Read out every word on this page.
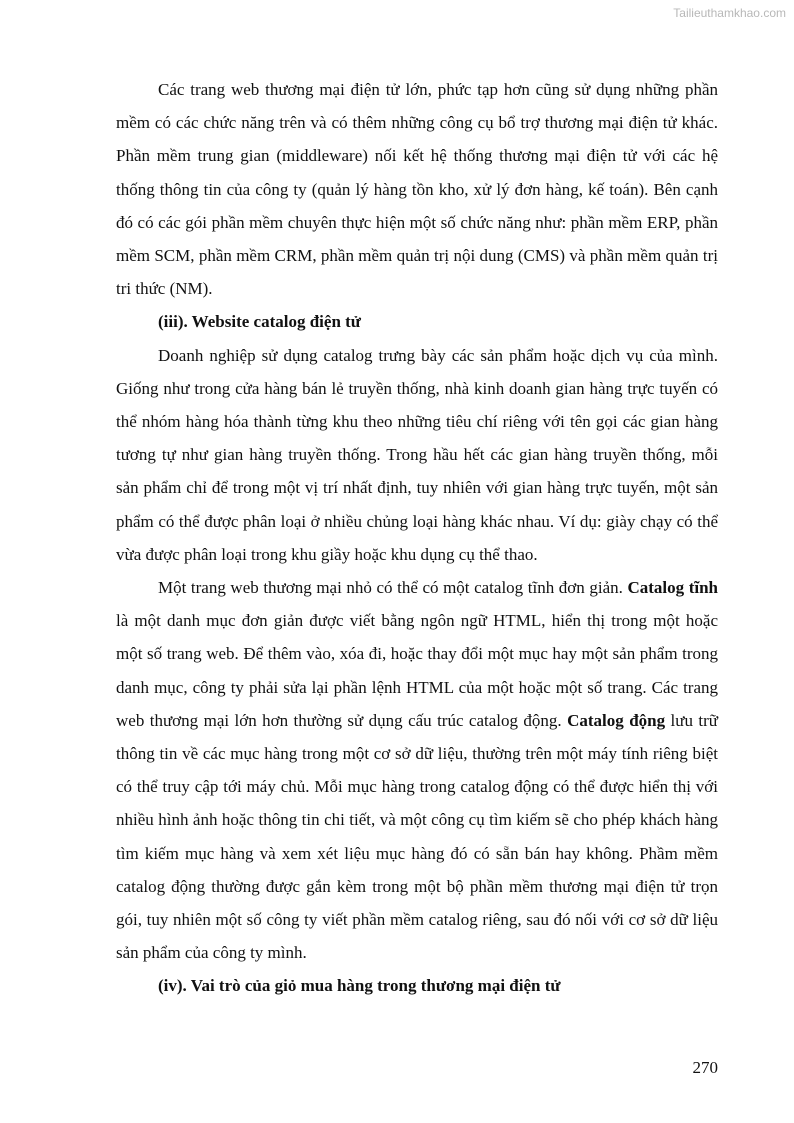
Tailieuthamkhao.com

Các trang web thương mại điện tử lớn, phức tạp hơn cũng sử dụng những phần mềm có các chức năng trên và có thêm những công cụ bổ trợ thương mại điện tử khác. Phần mềm trung gian (middleware) nối kết hệ thống thương mại điện tử với các hệ thống thông tin của công ty (quản lý hàng tồn kho, xử lý đơn hàng, kế toán). Bên cạnh đó có các gói phần mềm chuyên thực hiện một số chức năng như: phần mềm ERP, phần mềm SCM, phần mềm CRM, phần mềm quản trị nội dung (CMS) và phần mềm quản trị tri thức (NM).

(iii). Website catalog điện tử

Doanh nghiệp sử dụng catalog trưng bày các sản phẩm hoặc dịch vụ của mình. Giống như trong cửa hàng bán lẻ truyền thống, nhà kinh doanh gian hàng trực tuyến có thể nhóm hàng hóa thành từng khu theo những tiêu chí riêng với tên gọi các gian hàng tương tự như gian hàng truyền thống. Trong hầu hết các gian hàng truyền thống, mỗi sản phẩm chỉ để trong một vị trí nhất định, tuy nhiên với gian hàng trực tuyến, một sản phẩm có thể được phân loại ở nhiều chủng loại hàng khác nhau. Ví dụ: giày chạy có thể vừa được phân loại trong khu giầy hoặc khu dụng cụ thể thao.

Một trang web thương mại nhỏ có thể có một catalog tĩnh đơn giản. Catalog tĩnh là một danh mục đơn giản được viết bằng ngôn ngữ HTML, hiển thị trong một hoặc một số trang web. Để thêm vào, xóa đi, hoặc thay đổi một mục hay một sản phẩm trong danh mục, công ty phải sửa lại phần lệnh HTML của một hoặc một số trang. Các trang web thương mại lớn hơn thường sử dụng cấu trúc catalog động. Catalog động lưu trữ thông tin về các mục hàng trong một cơ sở dữ liệu, thường trên một máy tính riêng biệt có thể truy cập tới máy chủ. Mỗi mục hàng trong catalog động có thể được hiển thị với nhiều hình ảnh hoặc thông tin chi tiết, và một công cụ tìm kiếm sẽ cho phép khách hàng tìm kiếm mục hàng và xem xét liệu mục hàng đó có sẵn bán hay không. Phầm mềm catalog động thường được gắn kèm trong một bộ phần mềm thương mại điện tử trọn gói, tuy nhiên một số công ty viết phần mềm catalog riêng, sau đó nối với cơ sở dữ liệu sản phẩm của công ty mình.

(iv). Vai trò của giỏ mua hàng trong thương mại điện tử

270
